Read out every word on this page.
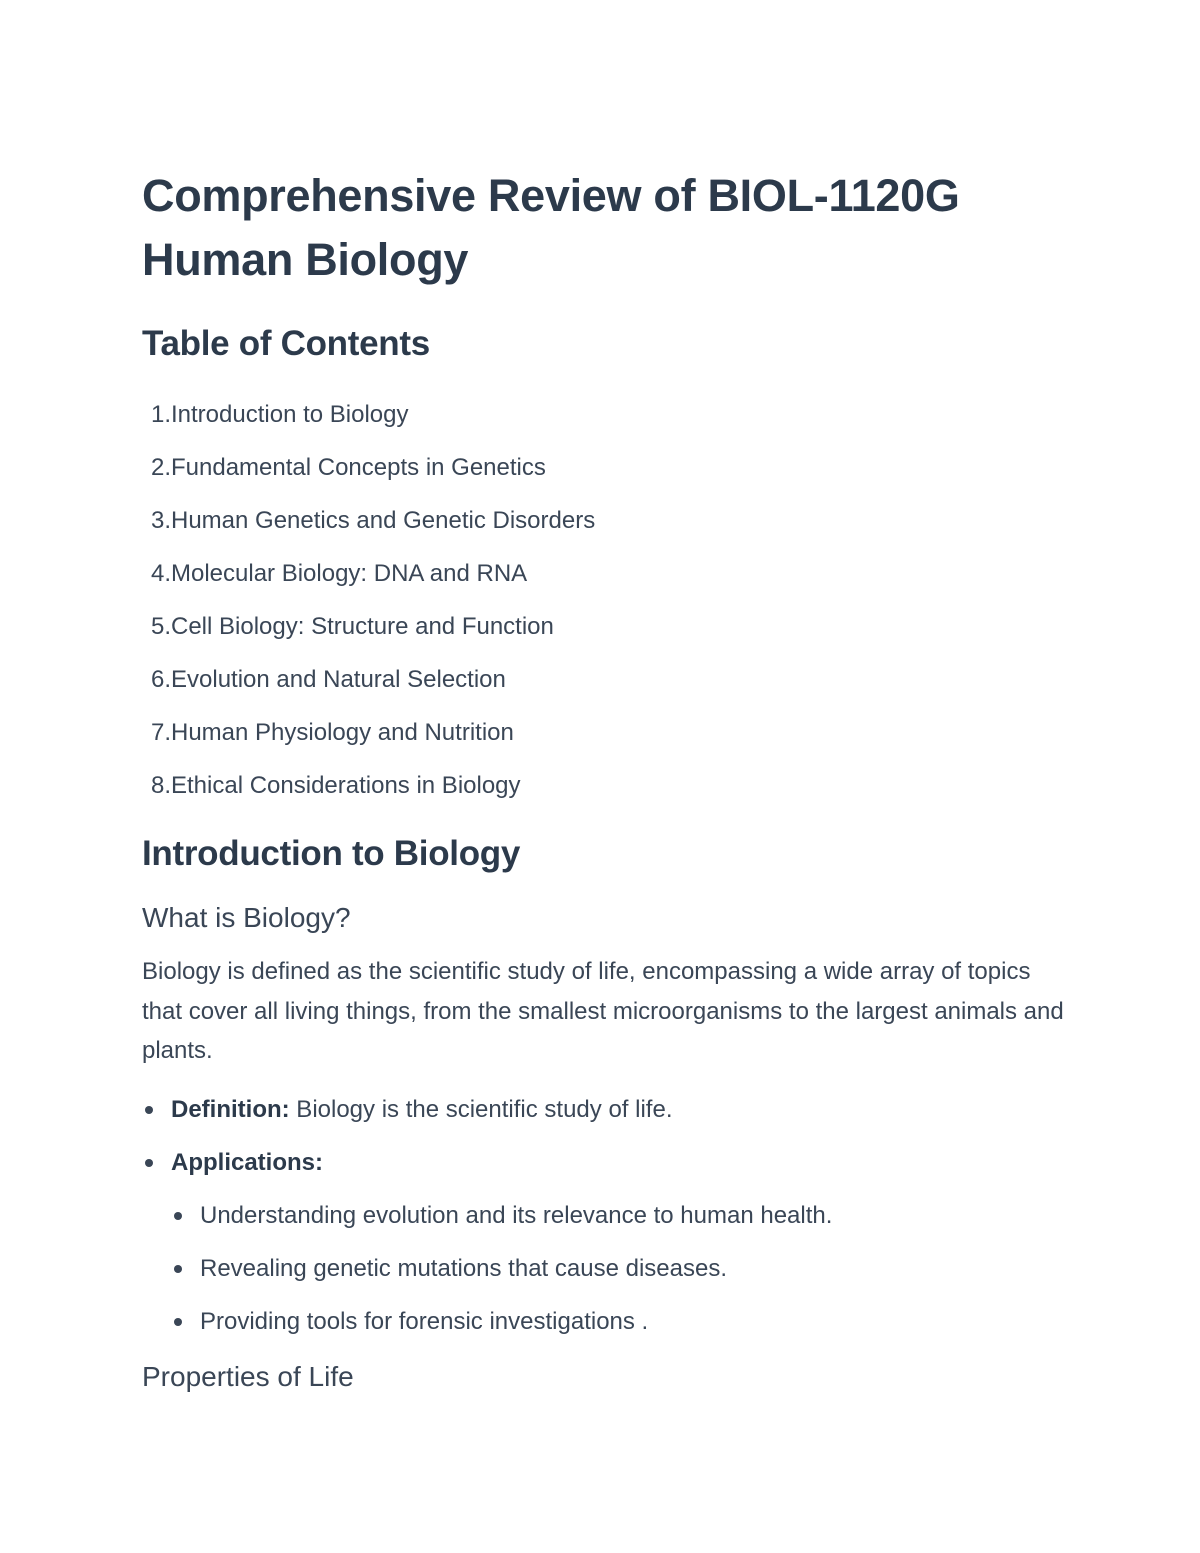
Comprehensive Review of BIOL-1120G Human Biology
Table of Contents
1. Introduction to Biology
2. Fundamental Concepts in Genetics
3. Human Genetics and Genetic Disorders
4. Molecular Biology: DNA and RNA
5. Cell Biology: Structure and Function
6. Evolution and Natural Selection
7. Human Physiology and Nutrition
8. Ethical Considerations in Biology
Introduction to Biology
What is Biology?

Biology is defined as the scientific study of life, encompassing a wide array of topics that cover all living things, from the smallest microorganisms to the largest animals and plants.

Definition: Biology is the scientific study of life.
Applications:
Understanding evolution and its relevance to human health.
Revealing genetic mutations that cause diseases.
Providing tools for forensic investigations .
Properties of Life
